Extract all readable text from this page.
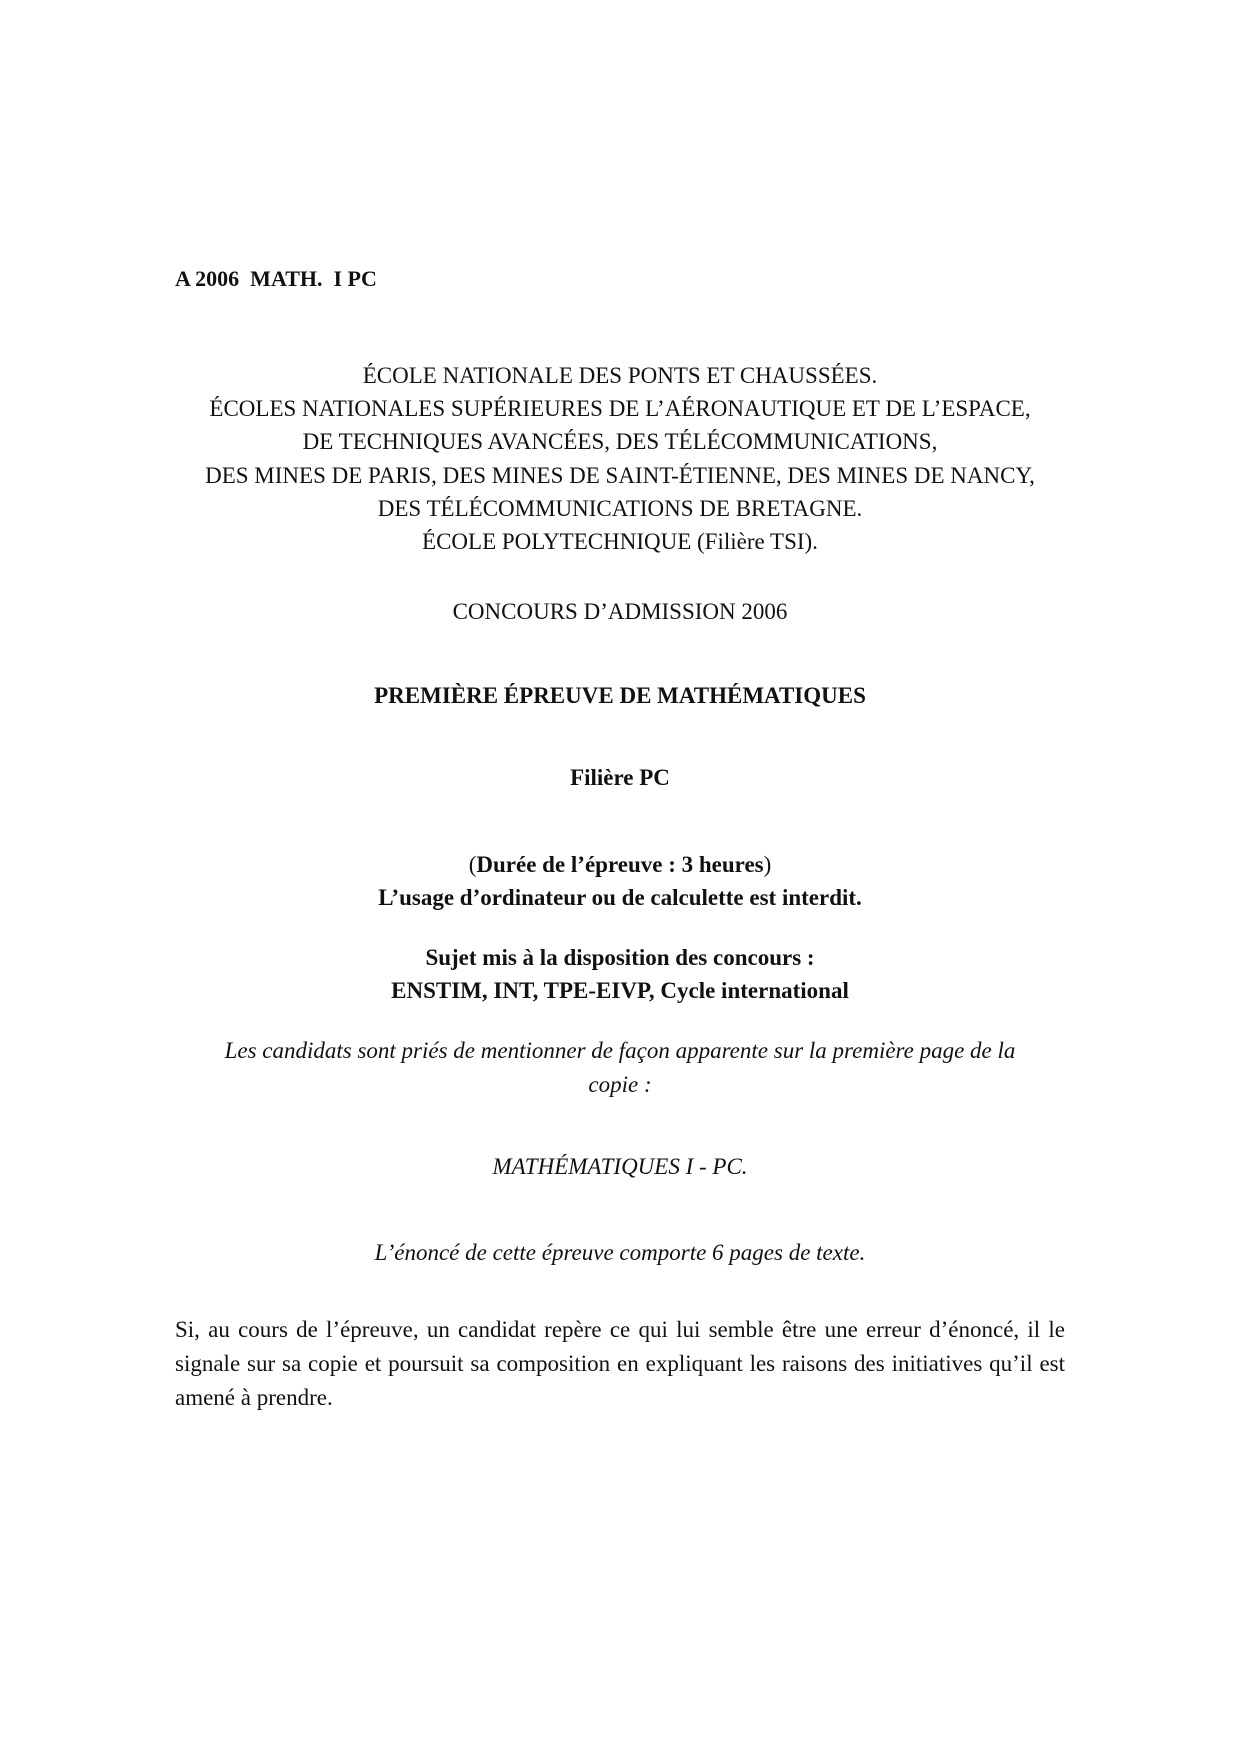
A 2006  MATH.  I PC
ÉCOLE NATIONALE DES PONTS ET CHAUSSÉES.
ÉCOLES NATIONALES SUPÉRIEURES DE L’AÉRONAUTIQUE ET DE L’ESPACE,
DE TECHNIQUES AVANCÉES, DES TÉLÉCOMMUNICATIONS,
DES MINES DE PARIS, DES MINES DE SAINT-ÉTIENNE, DES MINES DE NANCY,
DES TÉLÉCOMMUNICATIONS DE BRETAGNE.
ÉCOLE POLYTECHNIQUE (Filière TSI).
CONCOURS D’ADMISSION 2006
PREMIÈRE ÉPREUVE DE MATHÉMATIQUES
Filière PC
(Durée de l’épreuve : 3 heures)
L’usage d’ordinateur ou de calculette est interdit.
Sujet mis à la disposition des concours :
ENSTIM, INT, TPE-EIVP, Cycle international
Les candidats sont priés de mentionner de façon apparente sur la première page de la
copie :
MATHÉMATIQUES I - PC.
L’énoncé de cette épreuve comporte 6 pages de texte.
Si, au cours de l’épreuve, un candidat repère ce qui lui semble être une erreur d’énoncé, il le signale sur sa copie et poursuit sa composition en expliquant les raisons des initiatives qu’il est amené à prendre.
